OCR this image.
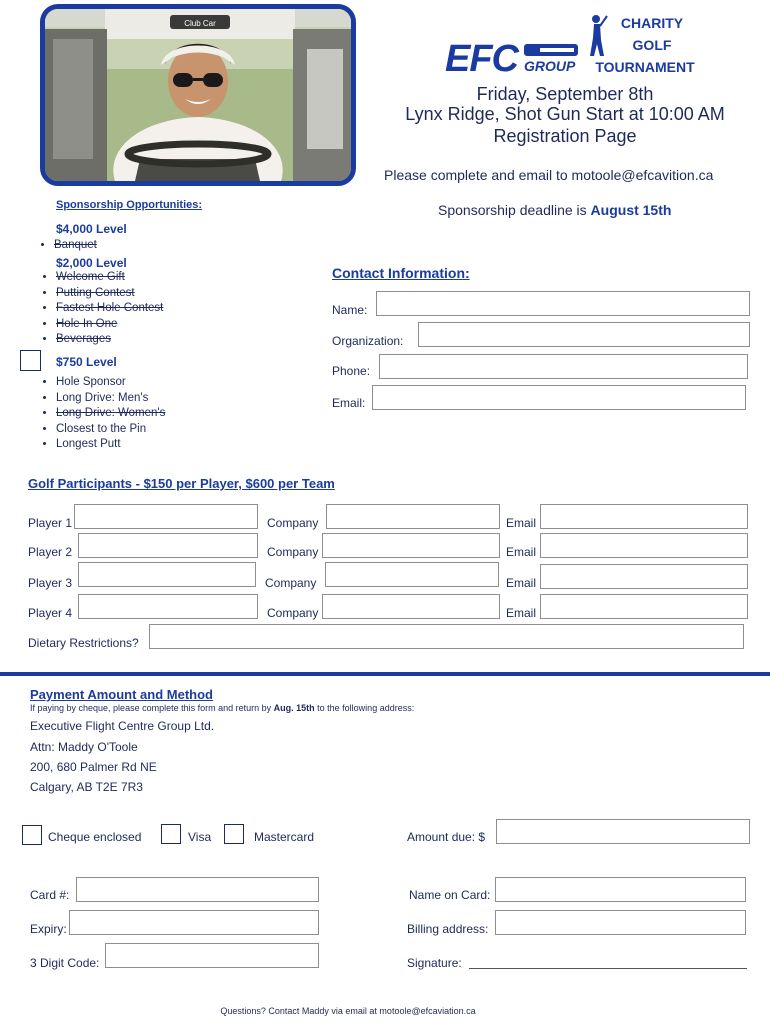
Club Car
EFC GROUP
CHARITY
GOLF
TOURNAMENT
Friday, September 8th
Lynx Ridge, Shot Gun Start at 10:00 AM
Registration Page
Please complete and email to motoole@efcavition.ca
Sponsorship deadline is August 15th
Sponsorship Opportunities:
$4,000 Level
• Banquet
$2,000 Level
• Welcome Gift
• Putting Contest
• Fastest Hole Contest
• Hole In One
• Beverages
$750 Level
• Hole Sponsor
• Long Drive: Men's
• Long Drive: Women's
• Closest to the Pin
• Longest Putt
Contact Information:
Name:
Organization:
Phone:
Email:
Golf Participants - $150 per Player, $600 per Team
Player 1	Company	Email
Player 2	Company	Email
Player 3	Company	Email
Player 4	Company	Email
Dietary Restrictions?
Payment Amount and Method
If paying by cheque, please complete this form and return by Aug. 15th to the following address:
Executive Flight Centre Group Ltd.
Attn: Maddy O'Toole
200, 680 Palmer Rd NE
Calgary, AB T2E 7R3
Cheque enclosed	Visa	Mastercard	Amount due: $
Card #:	Name on Card:
Expiry:	Billing address:
3 Digit Code:	Signature:
Questions? Contact Maddy via email at motoole@efcaviation.ca
